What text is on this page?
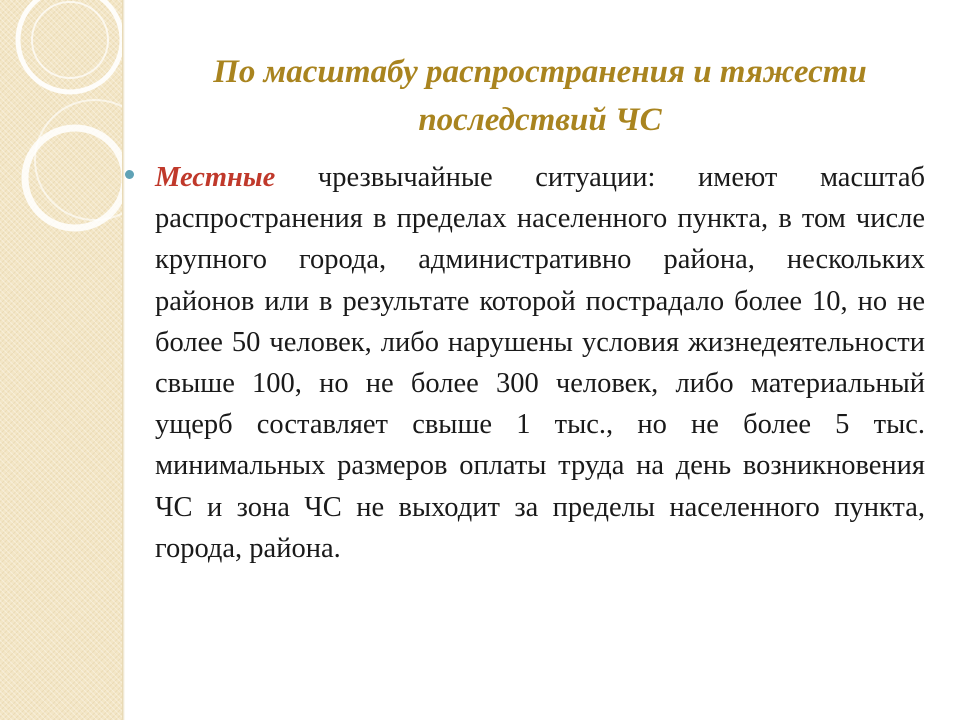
По масштабу распространения и тяжести последствий ЧС
Местные чрезвычайные ситуации: имеют масштаб распространения в пределах населенного пункта, в том числе крупного города, административно района, нескольких районов или в результате которой пострадало более 10, но не более 50 человек, либо нарушены условия жизнедеятельности свыше 100, но не более 300 человек, либо материальный ущерб составляет свыше 1 тыс., но не более 5 тыс. минимальных размеров оплаты труда на день возникновения ЧС и зона ЧС не выходит за пределы населенного пункта, города, района.
